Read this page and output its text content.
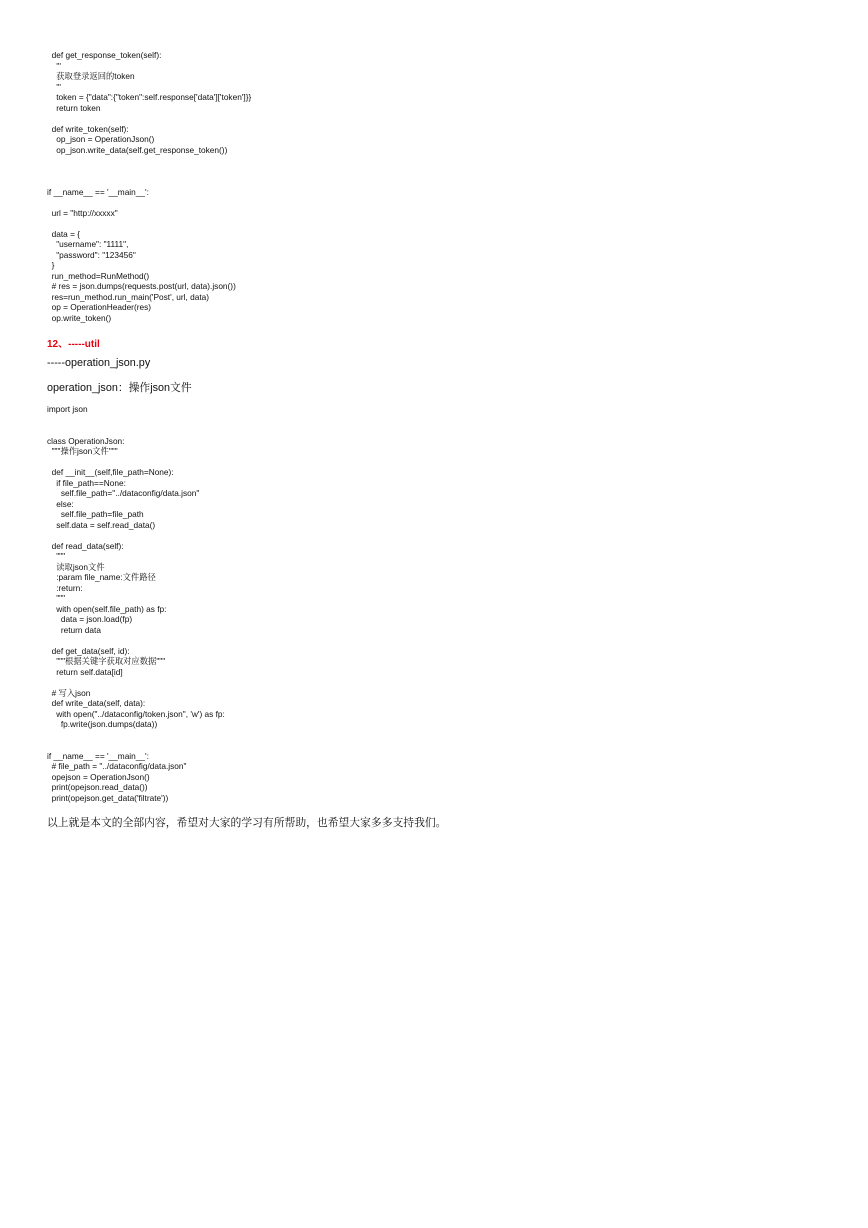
def get_response_token(self):
'''
获取登录返回的token
'''
token = {"data":{"token":self.response['data']['token']}}
return token

def write_token(self):
op_json = OperationJson()
op_json.write_data(self.get_response_token())

if __name__ == '__main__':

url = "http://xxxxx"

data = {
"username": "1111",
"password": "123456"
}
run_method=RunMethod()
# res = json.dumps(requests.post(url, data).json())
res=run_method.run_main('Post', url, data)
op = OperationHeader(res)
op.write_token()
12、-----util
-----operation_json.py
operation_json：操作json文件
import json

class OperationJson:
"""操作json文件"""

def __init__(self,file_path=None):
if file_path==None:
self.file_path="../dataconfig/data.json"
else:
self.file_path=file_path
self.data = self.read_data()

def read_data(self):
"""
读取json文件
:param file_name:文件路径
:return:
"""
with open(self.file_path) as fp:
data = json.load(fp)
return data

def get_data(self, id):
"""根据关键字获取对应数据"""
return self.data[id]

# 写入json
def write_data(self, data):
with open("../dataconfig/token.json", 'w') as fp:
fp.write(json.dumps(data))

if __name__ == '__main__':
# file_path = "../dataconfig/data.json"
opejson = OperationJson()
print(opejson.read_data())
print(opejson.get_data('filtrate'))
以上就是本文的全部内容，希望对大家的学习有所帮助，也希望大家多多支持我们。
